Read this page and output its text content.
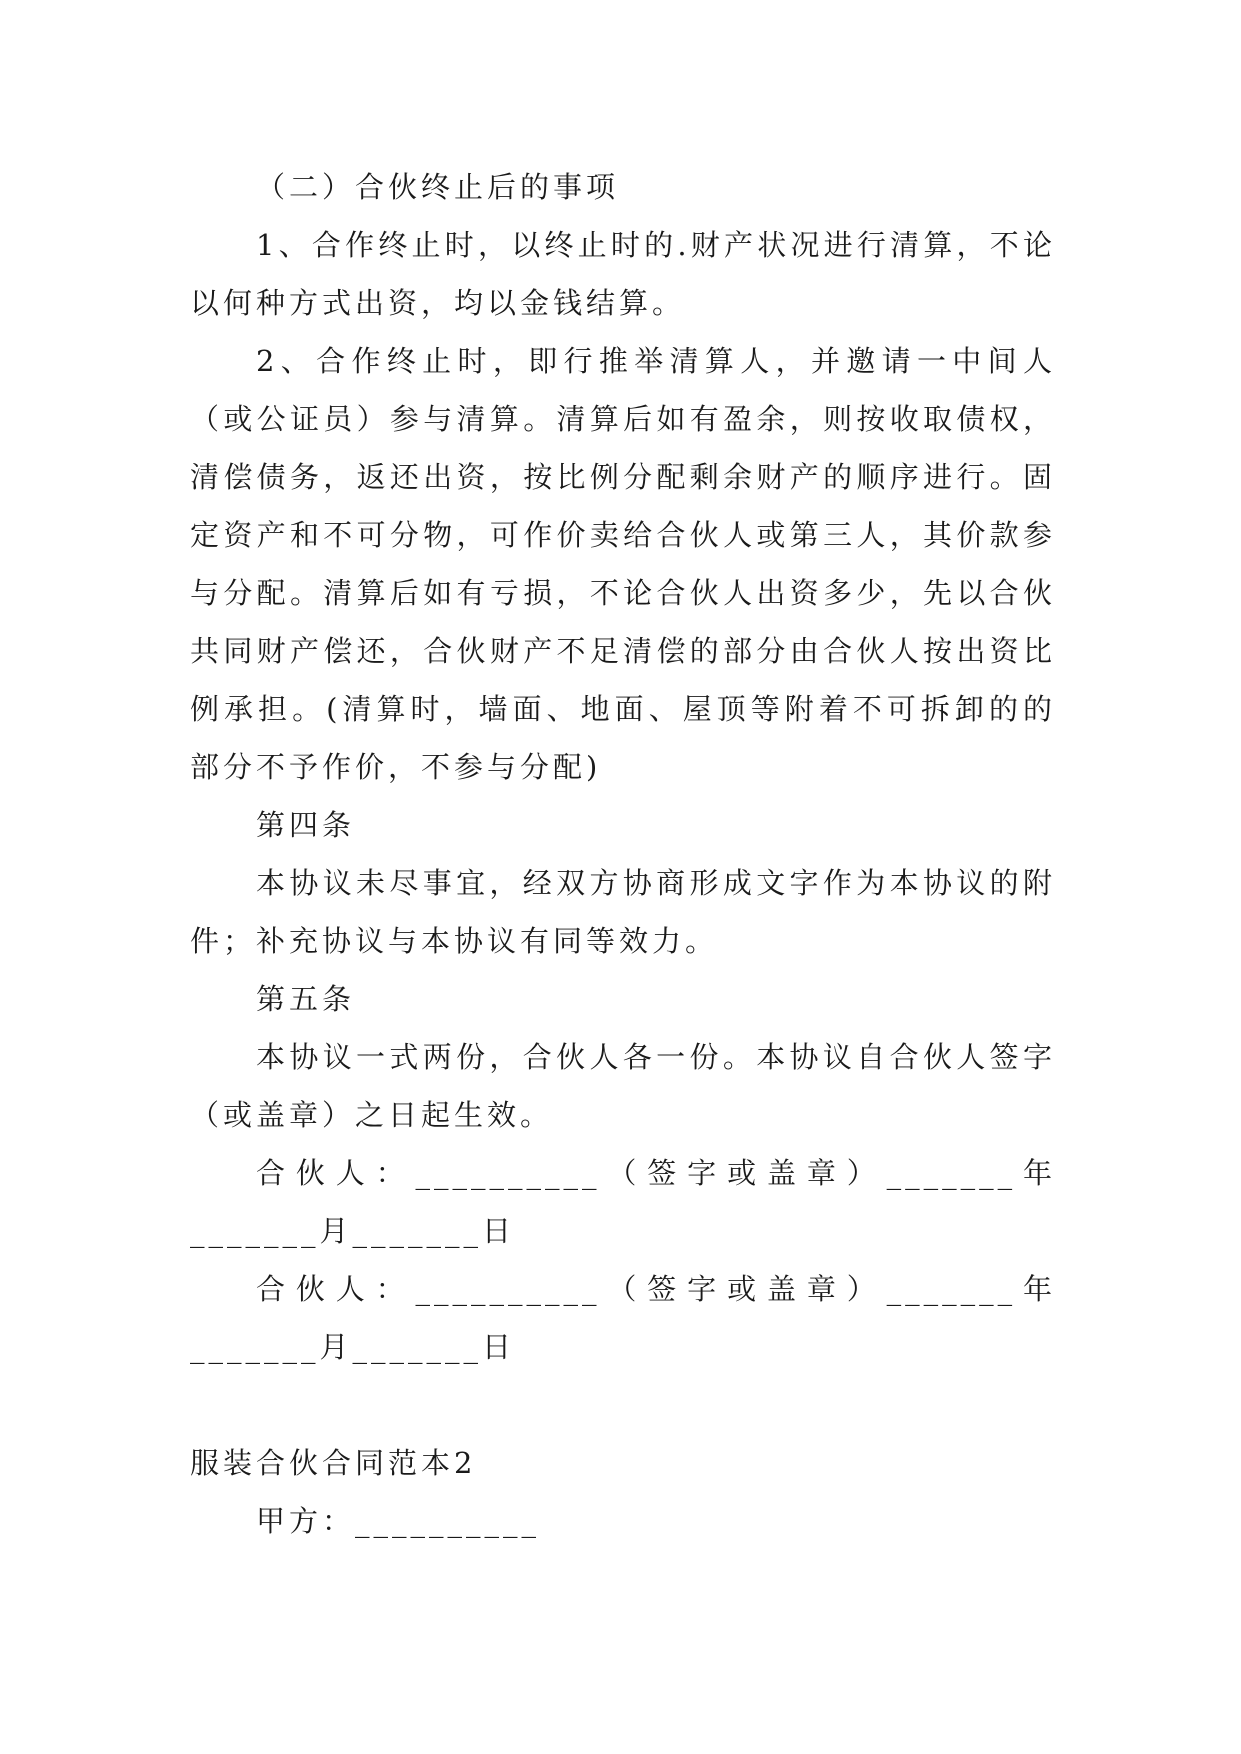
（二）合伙终止后的事项

1、合作终止时，以终止时的.财产状况进行清算，不论以何种方式出资，均以金钱结算。

2、合作终止时，即行推举清算人，并邀请一中间人（或公证员）参与清算。清算后如有盈余，则按收取债权，清偿债务，返还出资，按比例分配剩余财产的顺序进行。固定资产和不可分物，可作价卖给合伙人或第三人，其价款参与分配。清算后如有亏损，不论合伙人出资多少，先以合伙共同财产偿还，合伙财产不足清偿的部分由合伙人按出资比例承担。(清算时，墙面、地面、屋顶等附着不可拆卸的的部分不予作价，不参与分配)

第四条

本协议未尽事宜，经双方协商形成文字作为本协议的附件；补充协议与本协议有同等效力。

第五条

本协议一式两份，合伙人各一份。本协议自合伙人签字（或盖章）之日起生效。

合伙人：__________（签字或盖章）_______年_______月_______日

合伙人：__________（签字或盖章）_______年_______月_______日

服装合伙合同范本2

甲方：__________
